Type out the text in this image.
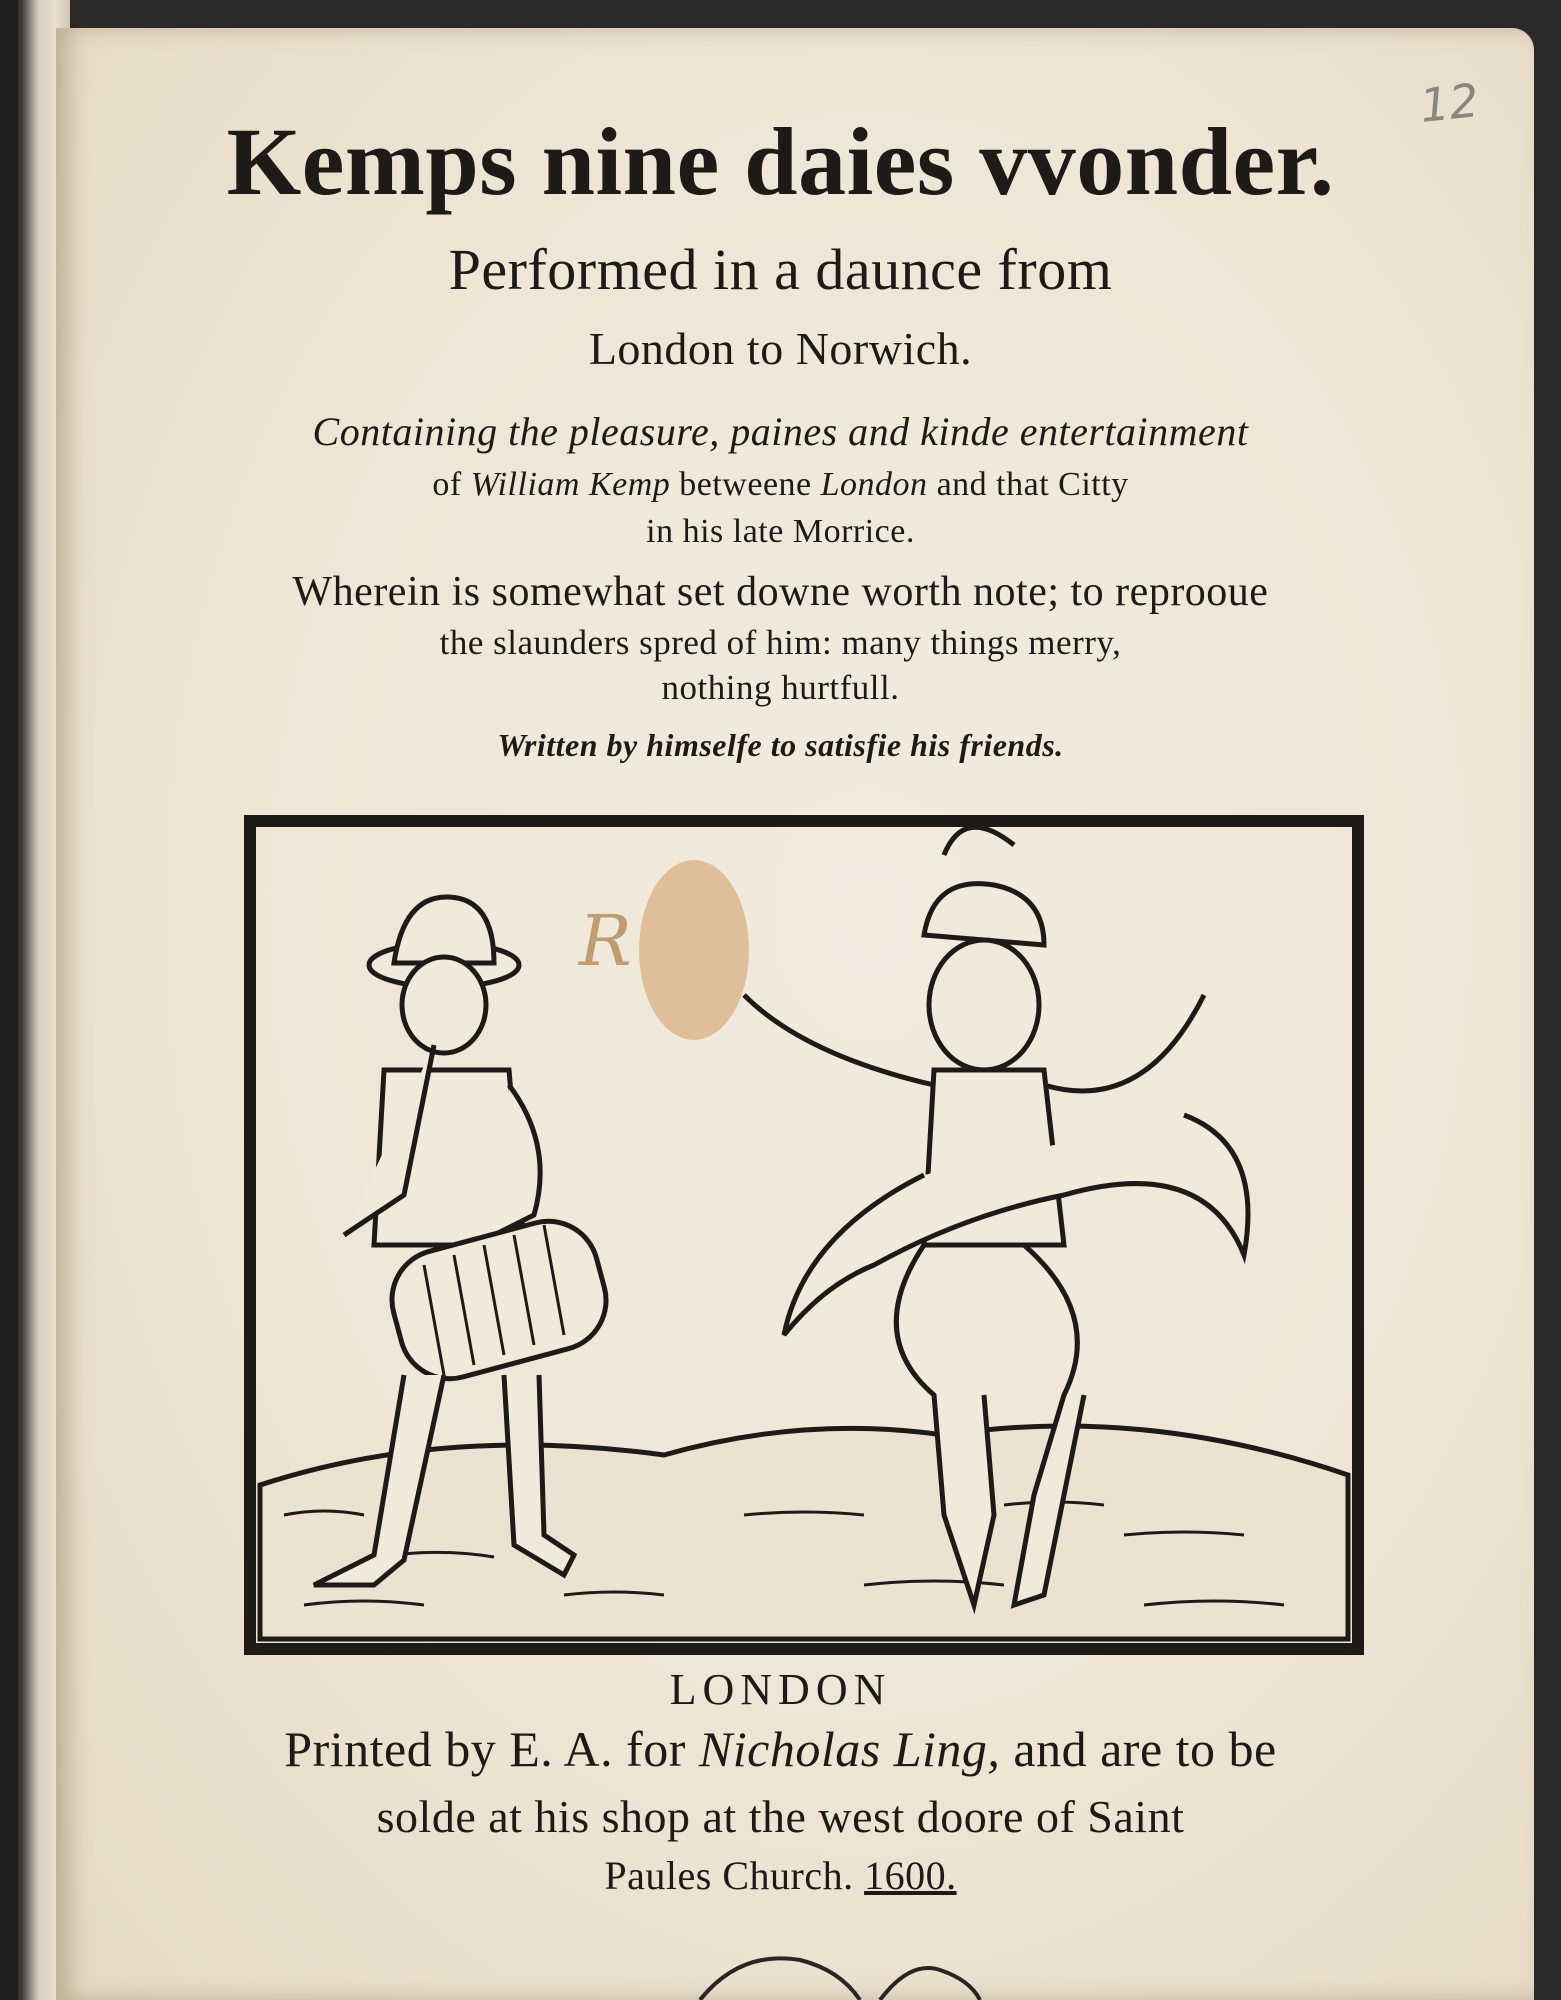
12
Kemps nine daies vvonder.
Performed in a daunce from
London to Norwich.
Containing the pleasure, paines and kinde entertainment
of William Kemp betweene London and that Citty
in his late Morrice.
Wherein is somewhat set downe worth note; to reprooue
the slaunders spred of him: many things merry,
nothing hurtfull.
Written by himselfe to satisfie his friends.
R
LONDON
Printed by E. A. for Nicholas Ling, and are to be
solde at his shop at the west doore of Saint
Paules Church. 1600.
